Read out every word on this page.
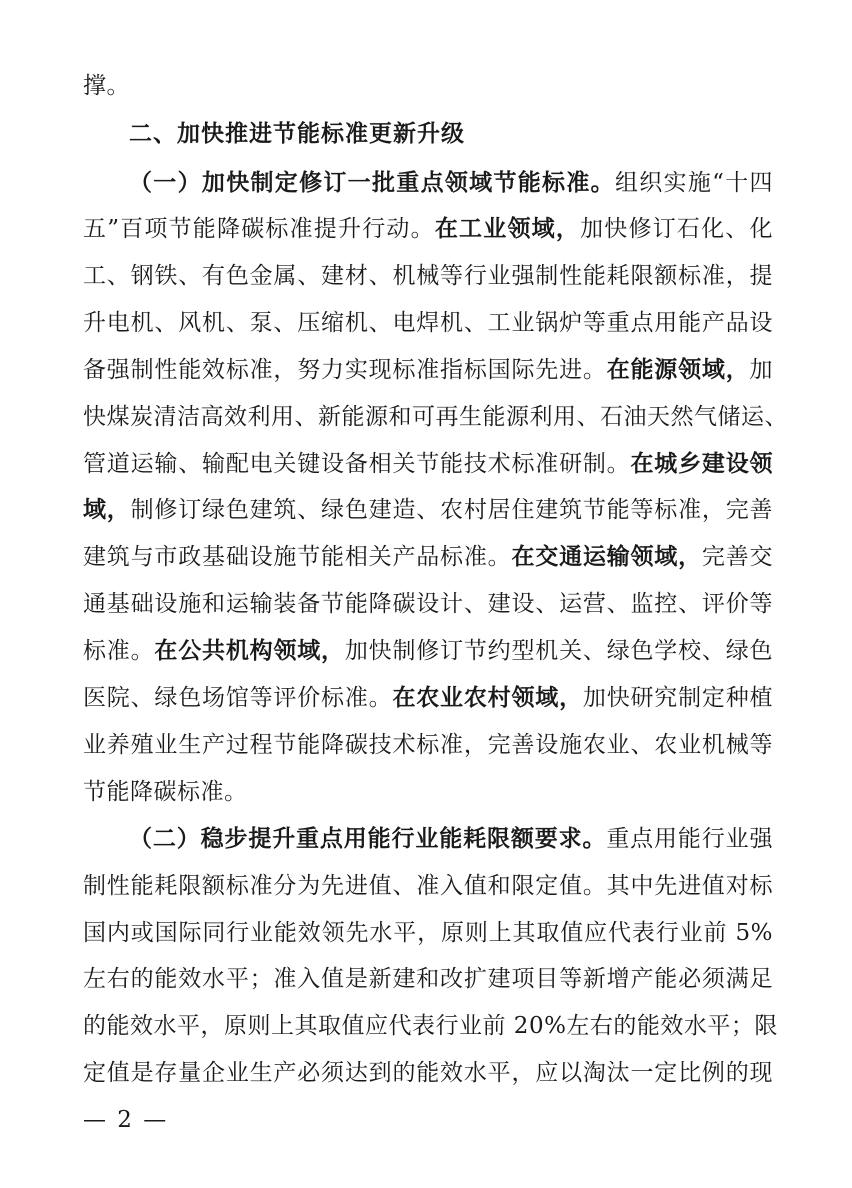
撑。
二、加快推进节能标准更新升级
（一）加快制定修订一批重点领域节能标准。组织实施“十四
五”百项节能降碳标准提升行动。在工业领域，加快修订石化、化
工、钢铁、有色金属、建材、机械等行业强制性能耗限额标准，提
升电机、风机、泵、压缩机、电焊机、工业锅炉等重点用能产品设
备强制性能效标准，努力实现标准指标国际先进。在能源领域，加
快煤炭清洁高效利用、新能源和可再生能源利用、石油天然气储运、
管道运输、输配电关键设备相关节能技术标准研制。在城乡建设领
域，制修订绿色建筑、绿色建造、农村居住建筑节能等标准，完善
建筑与市政基础设施节能相关产品标准。在交通运输领域，完善交
通基础设施和运输装备节能降碳设计、建设、运营、监控、评价等
标准。在公共机构领域，加快制修订节约型机关、绿色学校、绿色
医院、绿色场馆等评价标准。在农业农村领域，加快研究制定种植
业养殖业生产过程节能降碳技术标准，完善设施农业、农业机械等
节能降碳标准。
（二）稳步提升重点用能行业能耗限额要求。重点用能行业强
制性能耗限额标准分为先进值、准入值和限定值。其中先进值对标
国内或国际同行业能效领先水平，原则上其取值应代表行业前 5%
左右的能效水平；准入值是新建和改扩建项目等新增产能必须满足
的能效水平，原则上其取值应代表行业前 20%左右的能效水平；限
定值是存量企业生产必须达到的能效水平，应以淘汰一定比例的现
— 2 —
